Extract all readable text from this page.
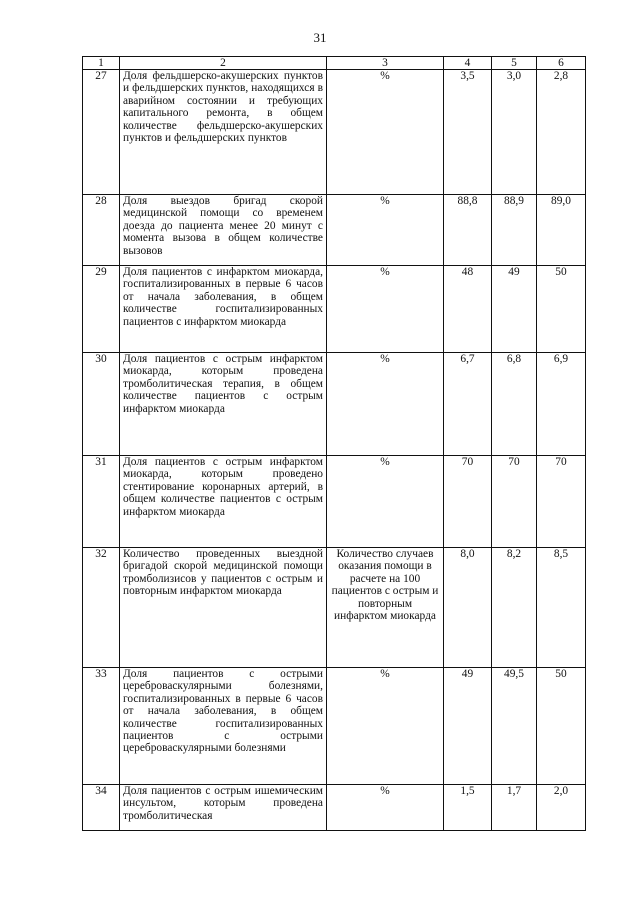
31
1	2	3	4	5	6
27	Доля фельдшерско-акушерских пунктов и фельдшерских пунктов, находящихся в аварийном состоянии и требующих капитального ремонта, в общем количестве фельдшерско-акушерских пунктов и фельдшерских пунктов	%	3,5	3,0	2,8
28	Доля выездов бригад скорой медицинской помощи со временем доезда до пациента менее 20 минут с момента вызова в общем количестве вызовов	%	88,8	88,9	89,0
29	Доля пациентов с инфарктом миокарда, госпитализированных в первые 6 часов от начала заболевания, в общем количестве госпитализированных пациентов с инфарктом миокарда	%	48	49	50
30	Доля пациентов с острым инфарктом миокарда, которым проведена тромболитическая терапия, в общем количестве пациентов с острым инфарктом миокарда	%	6,7	6,8	6,9
31	Доля пациентов с острым инфарктом миокарда, которым проведено стентирование коронарных артерий, в общем количестве пациентов с острым инфарктом миокарда	%	70	70	70
32	Количество проведенных выездной бригадой скорой медицинской помощи тромболизисов у пациентов с острым и повторным инфарктом миокарда	Количество случаев оказания помощи в расчете на 100 пациентов с острым и повторным инфарктом миокарда	8,0	8,2	8,5
33	Доля пациентов с острыми цереброваскулярными болезнями, госпитализированных в первые 6 часов от начала заболевания, в общем количестве госпитализированных пациентов с острыми цереброваскулярными болезнями	%	49	49,5	50
34	Доля пациентов с острым ишемическим инсультом, которым проведена тромболитическая	%	1,5	1,7	2,0
